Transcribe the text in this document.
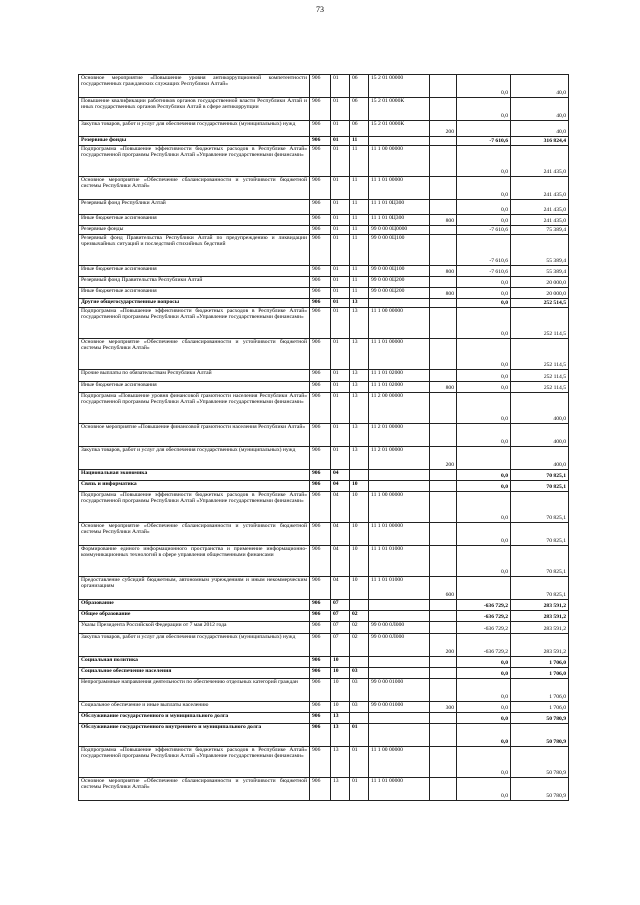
73
Основное мероприятие «Повышение уровня антикоррупционной компетентности государственных гражданских служащих Республики Алтай»	906	01	06	15 2 01 00000		0,0	40,0
Повышение квалификации работников органов государственной власти Республики Алтай и иных государственных органов Республики Алтай в сфере антикоррупции	906	01	06	15 2 01 0000К		0,0	40,0
Закупка товаров, работ и услуг для обеспечения государственных (муниципальных) нужд	906	01	06	15 2 01 0000К	200		40,0
Резервные фонды	906	01	11			-7 610,6	316 824,4
Подпрограмма «Повышение эффективности бюджетных расходов в Республике Алтай» государственной программы Республики Алтай «Управление государственными финансами»	906	01	11	11 1 00 00000		0,0	241 435,0
Основное мероприятие «Обеспечение сбалансированности и устойчивости бюджетной системы Республики Алтай»	906	01	11	11 1 01 00000		0,0	241 435,0
Резервный фонд Республики Алтай	906	01	11	11 1 01 0Ц300		0,0	241 435,0
Иные бюджетные ассигнования	906	01	11	11 1 01 0Ц300	800	0,0	241 435,0
Резервные фонды	906	01	11	99 0 00 0Ц0000		-7 610,6	75 389,4
Резервный фонд Правительства Республики Алтай по предупреждению и ликвидации чрезвычайных ситуаций и последствий стихийных бедствий	906	01	11	99 0 00 0Ц100		-7 610,6	55 389,4
Иные бюджетные ассигнования	906	01	11	99 0 00 0Ц100	800	-7 610,6	55 389,4
Резервный фонд Правительства Республики Алтай	906	01	11	99 0 00 0Ц200		0,0	20 000,0
Иные бюджетные ассигнования	906	01	11	99 0 00 0Ц200	800	0,0	20 000,0
Другие общегосударственные вопросы	906	01	13			0,0	252 514,5
Подпрограмма «Повышение эффективности бюджетных расходов в Республике Алтай» государственной программы Республики Алтай «Управление государственными финансами»	906	01	13	11 1 00 00000		0,0	252 114,5
Основное мероприятие «Обеспечение сбалансированности и устойчивости бюджетной системы Республики Алтай»	906	01	13	11 1 01 00000		0,0	252 114,5
Прочие выплаты по обязательствам Республики Алтай	906	01	13	11 1 01 02000		0,0	252 114,5
Иные бюджетные ассигнования	906	01	13	11 1 01 02000	800	0,0	252 114,5
Подпрограмма «Повышение уровня финансовой грамотности населения Республики Алтай» государственной программы Республики Алтай «Управление государственными финансами»	906	01	13	11 2 00 00000		0,0	400,0
Основное мероприятие «Повышение финансовой грамотности населения Республики Алтай»	906	01	13	11 2 01 00000		0,0	400,0
Закупка товаров, работ и услуг для обеспечения государственных (муниципальных) нужд	906	01	13	11 2 01 00000	200		400,0
Национальная экономика	906	04				0,0	70 825,1
Связь и информатика	906	04	10			0,0	70 825,1
Подпрограмма «Повышение эффективности бюджетных расходов в Республике Алтай» государственной программы Республики Алтай «Управление государственными финансами»	906	04	10	11 1 00 00000		0,0	70 825,1
Основное мероприятие «Обеспечение сбалансированности и устойчивости бюджетной системы Республики Алтай»	906	04	10	11 1 01 00000		0,0	70 825,1
Формирование единого информационного пространства и применение информационно-коммуникационных технологий в сфере управления общественными финансами	906	04	10	11 1 01 01000		0,0	70 825,1
Предоставление субсидий бюджетным, автономным учреждениям и иным некоммерческим организациям	906	04	10	11 1 01 01000	600		70 825,1
Образование	906	07				-636 729,2	283 591,2
Общее образование	906	07	02			-636 729,2	283 591,2
Указы Президента Российской Федерации от 7 мая 2012 года	906	07	02	99 0 00 0Л000		-636 729,2	283 591,2
Закупка товаров, работ и услуг для обеспечения государственных (муниципальных) нужд	906	07	02	99 0 00 0Л000	200	-636 729,2	283 591,2
Социальная политика	906	10				0,0	1 706,0
Социальное обеспечение населения	906	10	03			0,0	1 706,0
Непрограммные направления деятельности по обеспечению отдельных категорий граждан	906	10	03	99 0 00 01000		0,0	1 706,0
Социальное обеспечение и иные выплаты населению	906	10	03	99 0 00 01000	300	0,0	1 706,0
Обслуживание государственного и муниципального долга	906	13				0,0	50 780,9
Обслуживание государственного внутреннего и муниципального долга	906	13	01			0,0	50 780,9
Подпрограмма «Повышение эффективности бюджетных расходов в Республике Алтай» государственной программы Республики Алтай «Управление государственными финансами»	906	13	01	11 1 00 00000		0,0	50 780,9
Основное мероприятие «Обеспечение сбалансированности и устойчивости бюджетной системы Республики Алтай»	906	13	01	11 1 01 00000		0,0	50 780,9
